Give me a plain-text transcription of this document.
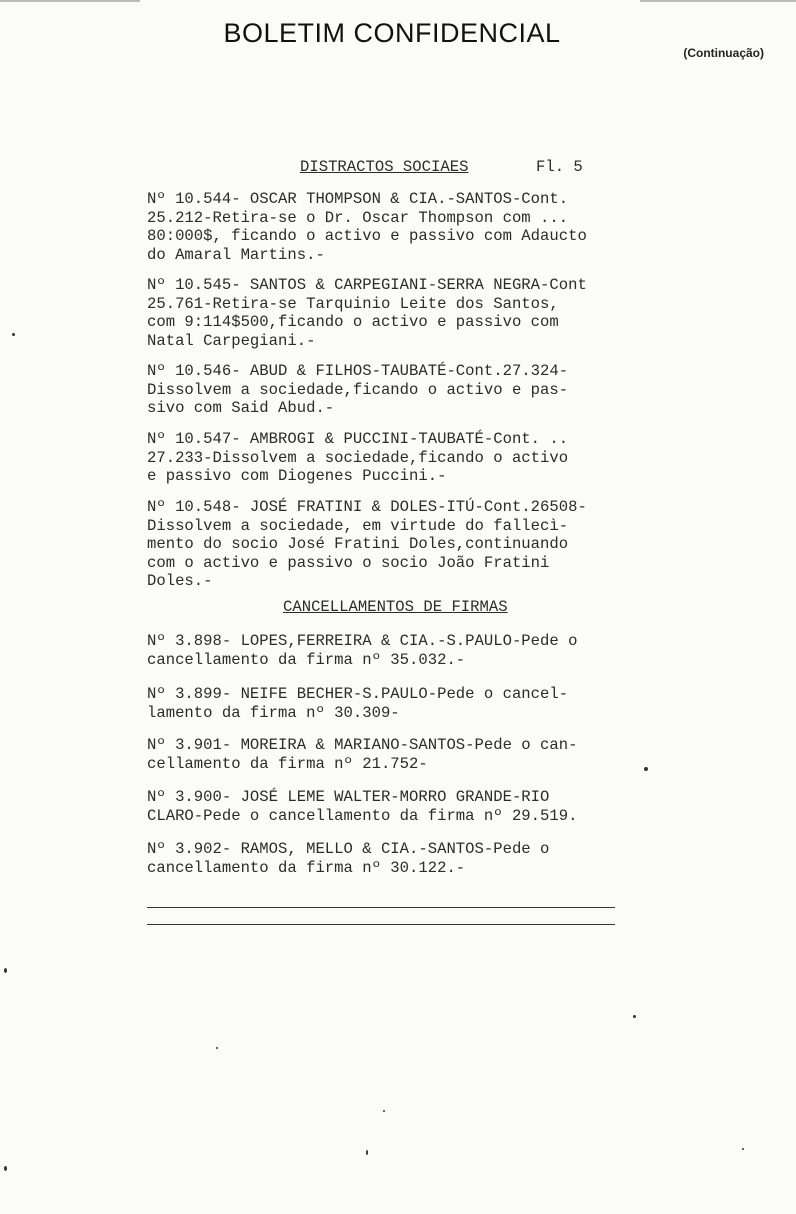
BOLETIM CONFIDENCIAL
(Continuação)
DISTRACTOS SOCIAES	Fl. 5
Nº 10.544- OSCAR THOMPSON & CIA.-SANTOS-Cont.
25.212-Retira-se o Dr. Oscar Thompson com ...
80:000$, ficando o activo e passivo com Adaucto
do Amaral Martins.-
Nº 10.545- SANTOS & CARPEGIANI-SERRA NEGRA-Cont
25.761-Retira-se Tarquinio Leite dos Santos,
com 9:114$500,ficando o activo e passivo com
Natal Carpegiani.-
Nº 10.546- ABUD & FILHOS-TAUBATÉ-Cont.27.324-
Dissolvem a sociedade,ficando o activo e pas-
sivo com Said Abud.-
Nº 10.547- AMBROGI & PUCCINI-TAUBATÉ-Cont. ..
27.233-Dissolvem a sociedade,ficando o activo
e passivo com Diogenes Puccini.-
Nº 10.548- JOSÉ FRATINI & DOLES-ITÚ-Cont.26508-
Dissolvem a sociedade, em virtude do fallecì-
mento do socio José Fratini Doles,continuando
com o activo e passivo o socio João Fratini
Doles.-
CANCELLAMENTOS DE FIRMAS
Nº 3.898- LOPES,FERREIRA & CIA.-S.PAULO-Pede o
cancellamento da firma nº 35.032.-
Nº 3.899- NEIFE BECHER-S.PAULO-Pede o cancel-
lamento da firma nº 30.309-
Nº 3.901- MOREIRA & MARIANO-SANTOS-Pede o can-
cellamento da firma nº 21.752-
Nº 3.900- JOSÉ LEME WALTER-MORRO GRANDE-RIO
CLARO-Pede o cancellamento da firma nº 29.519.
Nº 3.902- RAMOS, MELLO & CIA.-SANTOS-Pede o
cancellamento da firma nº 30.122.-
